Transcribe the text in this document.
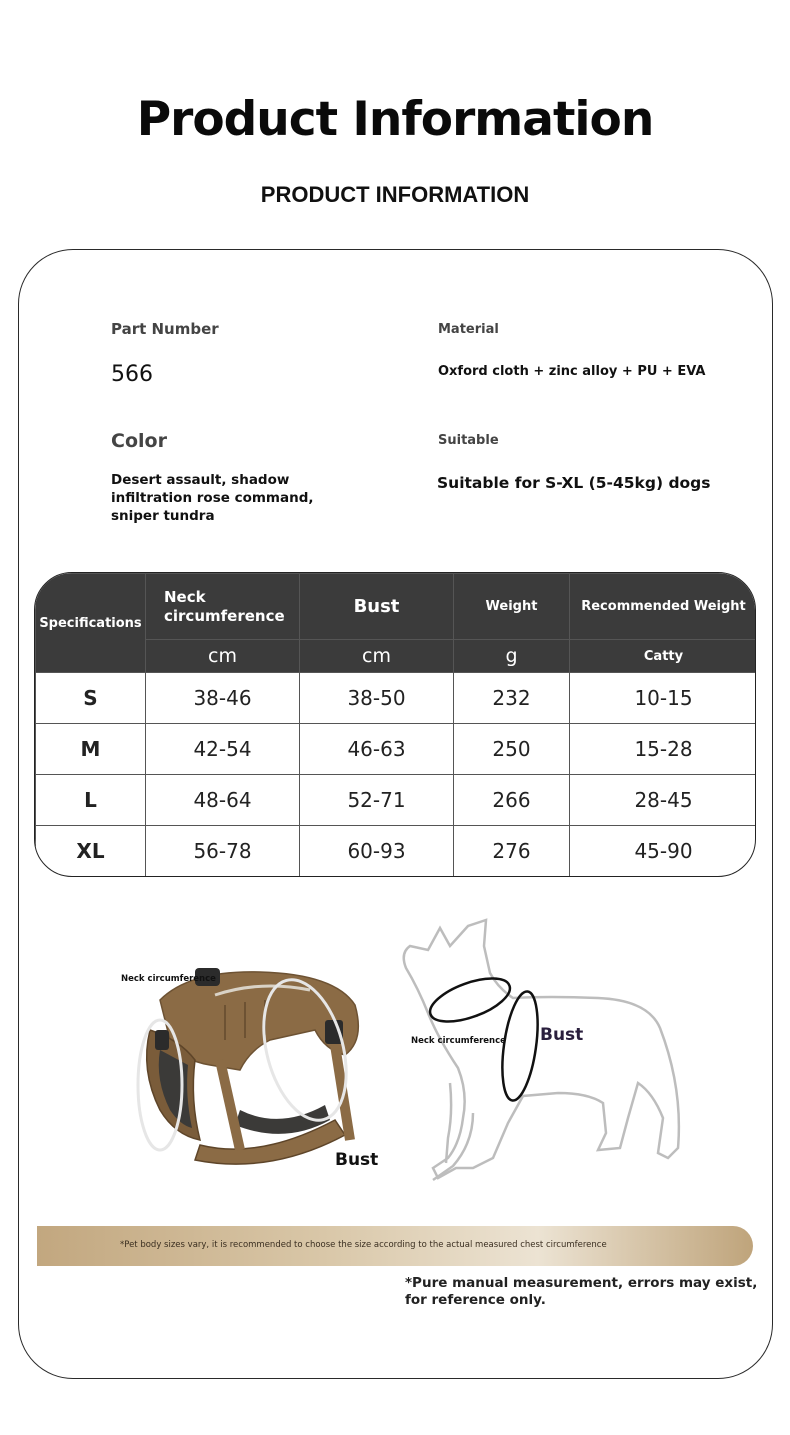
Product Information
PRODUCT INFORMATION
Part Number
566
Material
Oxford cloth + zinc alloy + PU + EVA
Color
Desert assault, shadow infiltration rose command, sniper tundra
Suitable
Suitable for S-XL (5-45kg) dogs
Specifications	Neck circumference	Bust	Weight	Recommended Weight
	cm	cm	g	Catty
S	38-46	38-50	232	10-15
M	42-54	46-63	250	15-28
L	48-64	52-71	266	28-45
XL	56-78	60-93	276	45-90
Neck circumference
Bust
Neck circumference Bust
*Pet body sizes vary, it is recommended to choose the size according to the actual measured chest circumference
*Pure manual measurement, errors may exist, for reference only.
